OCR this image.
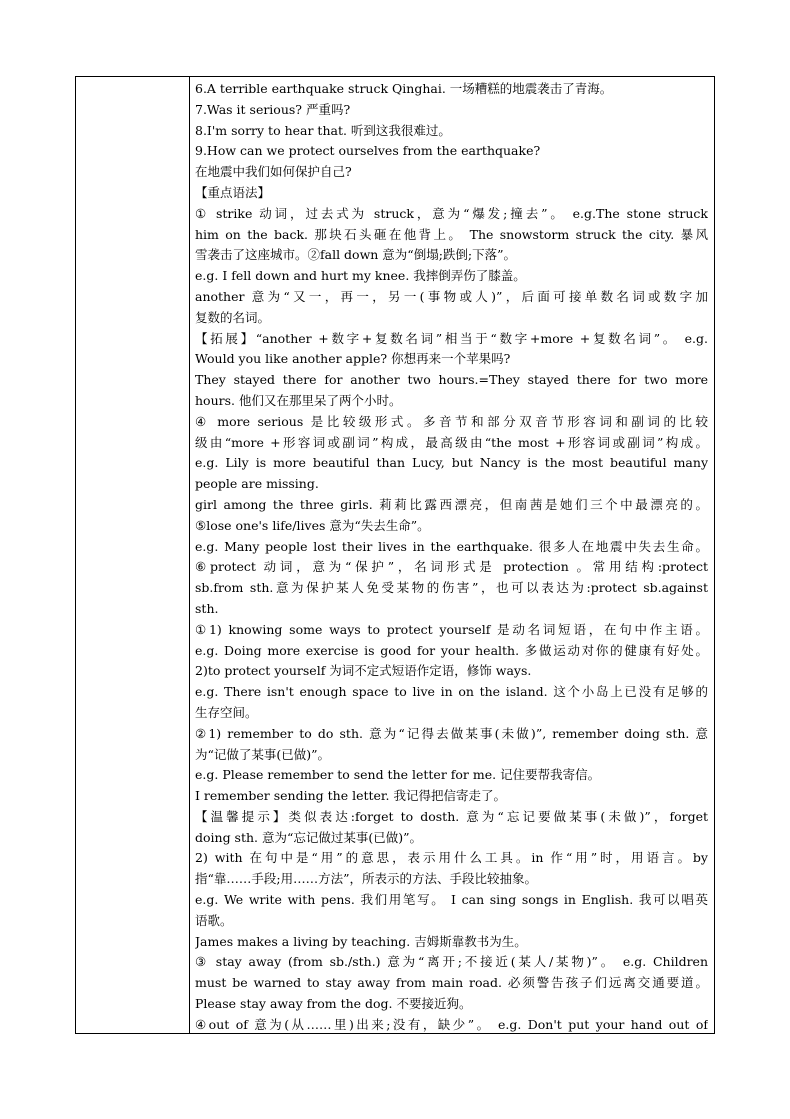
6.A terrible earthquake struck Qinghai. 一场糟糕的地震袭击了青海。
7.Was it serious? 严重吗?
8.I'm sorry to hear that. 听到这我很难过。
9.How can we protect ourselves from the earthquake?
在地震中我们如何保护自己?
【重点语法】
① strike 动词，过去式为 struck，意为“爆发;撞去”。 e.g.The stone struck
him on the back. 那块石头砸在他背上。 The snowstorm struck the city. 暴风
雪袭击了这座城市。②fall down 意为“倒塌;跌倒;下落”。
e.g. I fell down and hurt my knee. 我摔倒弄伤了膝盖。
another 意为“又一，再一，另一(事物或人)”，后面可接单数名词或数字加
复数的名词。
【拓展】“another +数字+复数名词”相当于“数字+more +复数名词”。 e.g.
Would you like another apple? 你想再来一个苹果吗?
They stayed there for another two hours.=They stayed there for two more
hours. 他们又在那里呆了两个小时。
④ more serious 是比较级形式。多音节和部分双音节形容词和副词的比较
级由“more +形容词或副词”构成，最高级由“the most +形容词或副词”构成。
e.g. Lily is more beautiful than Lucy, but Nancy is the most beautiful many
people are missing.
girl among the three girls. 莉莉比露西漂亮，但南茜是她们三个中最漂亮的。
⑤lose one's life/lives 意为“失去生命”。
e.g. Many people lost their lives in the earthquake. 很多人在地震中失去生命。
⑥protect 动词，意为“保护”，名词形式是 protection 。常用结构:protect
sb.from sth.意为保护某人免受某物的伤害”，也可以表达为:protect sb.against
sth.
①1) knowing some ways to protect yourself 是动名词短语，在句中作主语。
e.g. Doing more exercise is good for your health. 多做运动对你的健康有好处。
2)to protect yourself 为词不定式短语作定语，修饰 ways.
e.g. There isn't enough space to live in on the island. 这个小岛上已没有足够的
生存空间。
②1) remember to do sth. 意为“记得去做某事(未做)”, remember doing sth. 意
为“记做了某事(已做)”。
e.g. Please remember to send the letter for me. 记住要帮我寄信。
I remember sending the letter. 我记得把信寄走了。
【温馨提示】类似表达:forget to dosth. 意为“忘记要做某事(未做)”，forget
doing sth. 意为“忘记做过某事(已做)”。
2) with 在句中是“用”的意思，表示用什么工具。in 作“用”时，用语言。by
指“靠……手段;用……方法”，所表示的方法、手段比较抽象。
e.g. We write with pens. 我们用笔写。 I can sing songs in English. 我可以唱英
语歌。
James makes a living by teaching. 吉姆斯靠教书为生。
③ stay away (from sb./sth.) 意为“离开;不接近(某人/某物)”。 e.g. Children
must be warned to stay away from main road. 必须警告孩子们远离交通要道。
Please stay away from the dog. 不要接近狗。
④out of 意为(从……里)出来;没有，缺少”。 e.g. Don't put your hand out of
